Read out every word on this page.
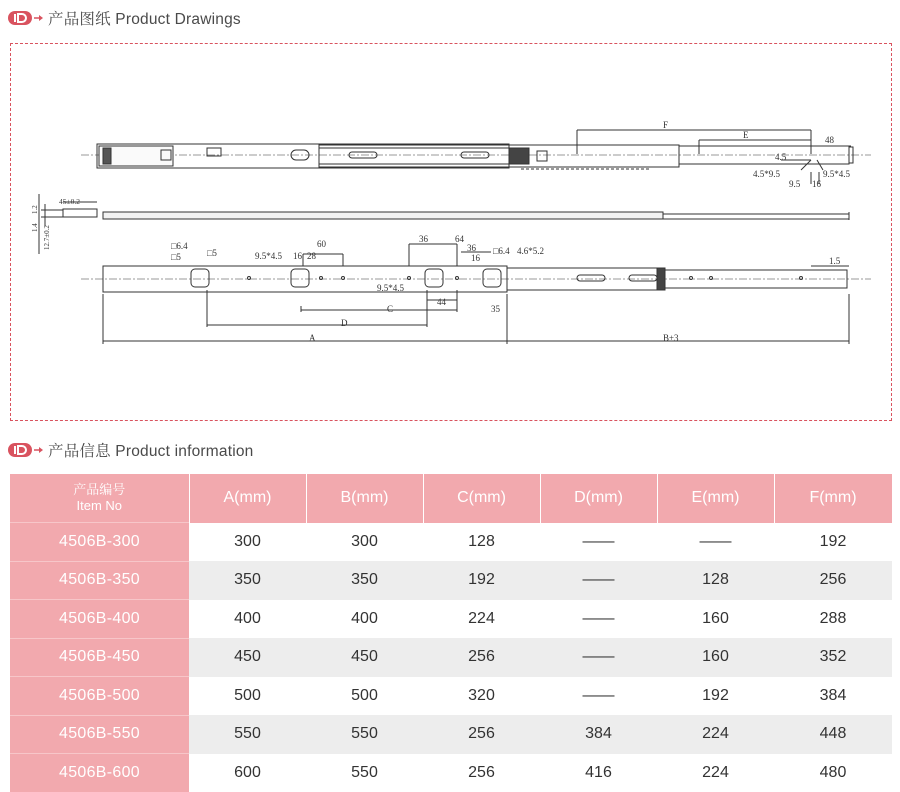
产品图纸 Product Drawings
F
E	48
4.5
4.5*9.5
9.5 16
9.5*4.5
45±0.2
1.2
1.4 12.7±0.2	□6.4
□5	□5	9.5*4.5 16 28
60	36	64
36
16
□6.4 4.6*5.2
9.5*4.5
C
44
D
35
A	B±3
1.5
产品信息 Product information
产品编号
Item No	A(mm)	B(mm)	C(mm)	D(mm)	E(mm)	F(mm)
4506B-300	300	300	128	——	——	192
4506B-350	350	350	192	——	128	256
4506B-400	400	400	224	——	160	288
4506B-450	450	450	256	——	160	352
4506B-500	500	500	320	——	192	384
4506B-550	550	550	256	384	224	448
4506B-600	600	550	256	416	224	480
